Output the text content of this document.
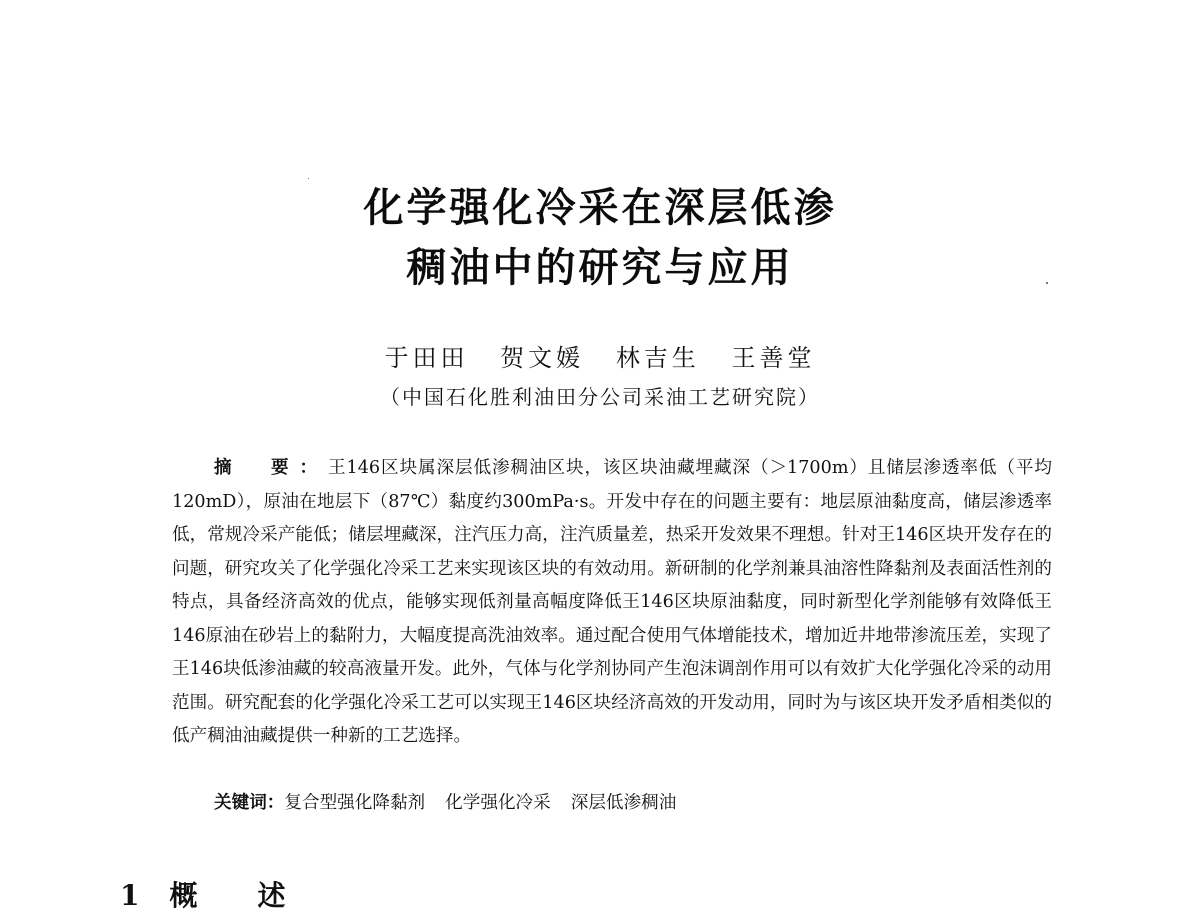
化学强化冷采在深层低渗
稠油中的研究与应用
于田田 贺文媛 林吉生 王善堂
（中国石化胜利油田分公司采油工艺研究院）
摘　要：王146区块属深层低渗稠油区块，该区块油藏埋藏深（＞1700m）且储层渗透率低（平均120mD），原油在地层下（87℃）黏度约300mPa·s。开发中存在的问题主要有：地层原油黏度高，储层渗透率低，常规冷采产能低；储层埋藏深，注汽压力高，注汽质量差，热采开发效果不理想。针对王146区块开发存在的问题，研究攻关了化学强化冷采工艺来实现该区块的有效动用。新研制的化学剂兼具油溶性降黏剂及表面活性剂的特点，具备经济高效的优点，能够实现低剂量高幅度降低王146区块原油黏度，同时新型化学剂能够有效降低王146原油在砂岩上的黏附力，大幅度提高洗油效率。通过配合使用气体增能技术，增加近井地带渗流压差，实现了王146块低渗油藏的较高液量开发。此外，气体与化学剂协同产生泡沫调剖作用可以有效扩大化学强化冷采的动用范围。研究配套的化学强化冷采工艺可以实现王146区块经济高效的开发动用，同时为与该区块开发矛盾相类似的低产稠油油藏提供一种新的工艺选择。
关键词：复合型强化降黏剂 化学强化冷采 深层低渗稠油
1 概述
